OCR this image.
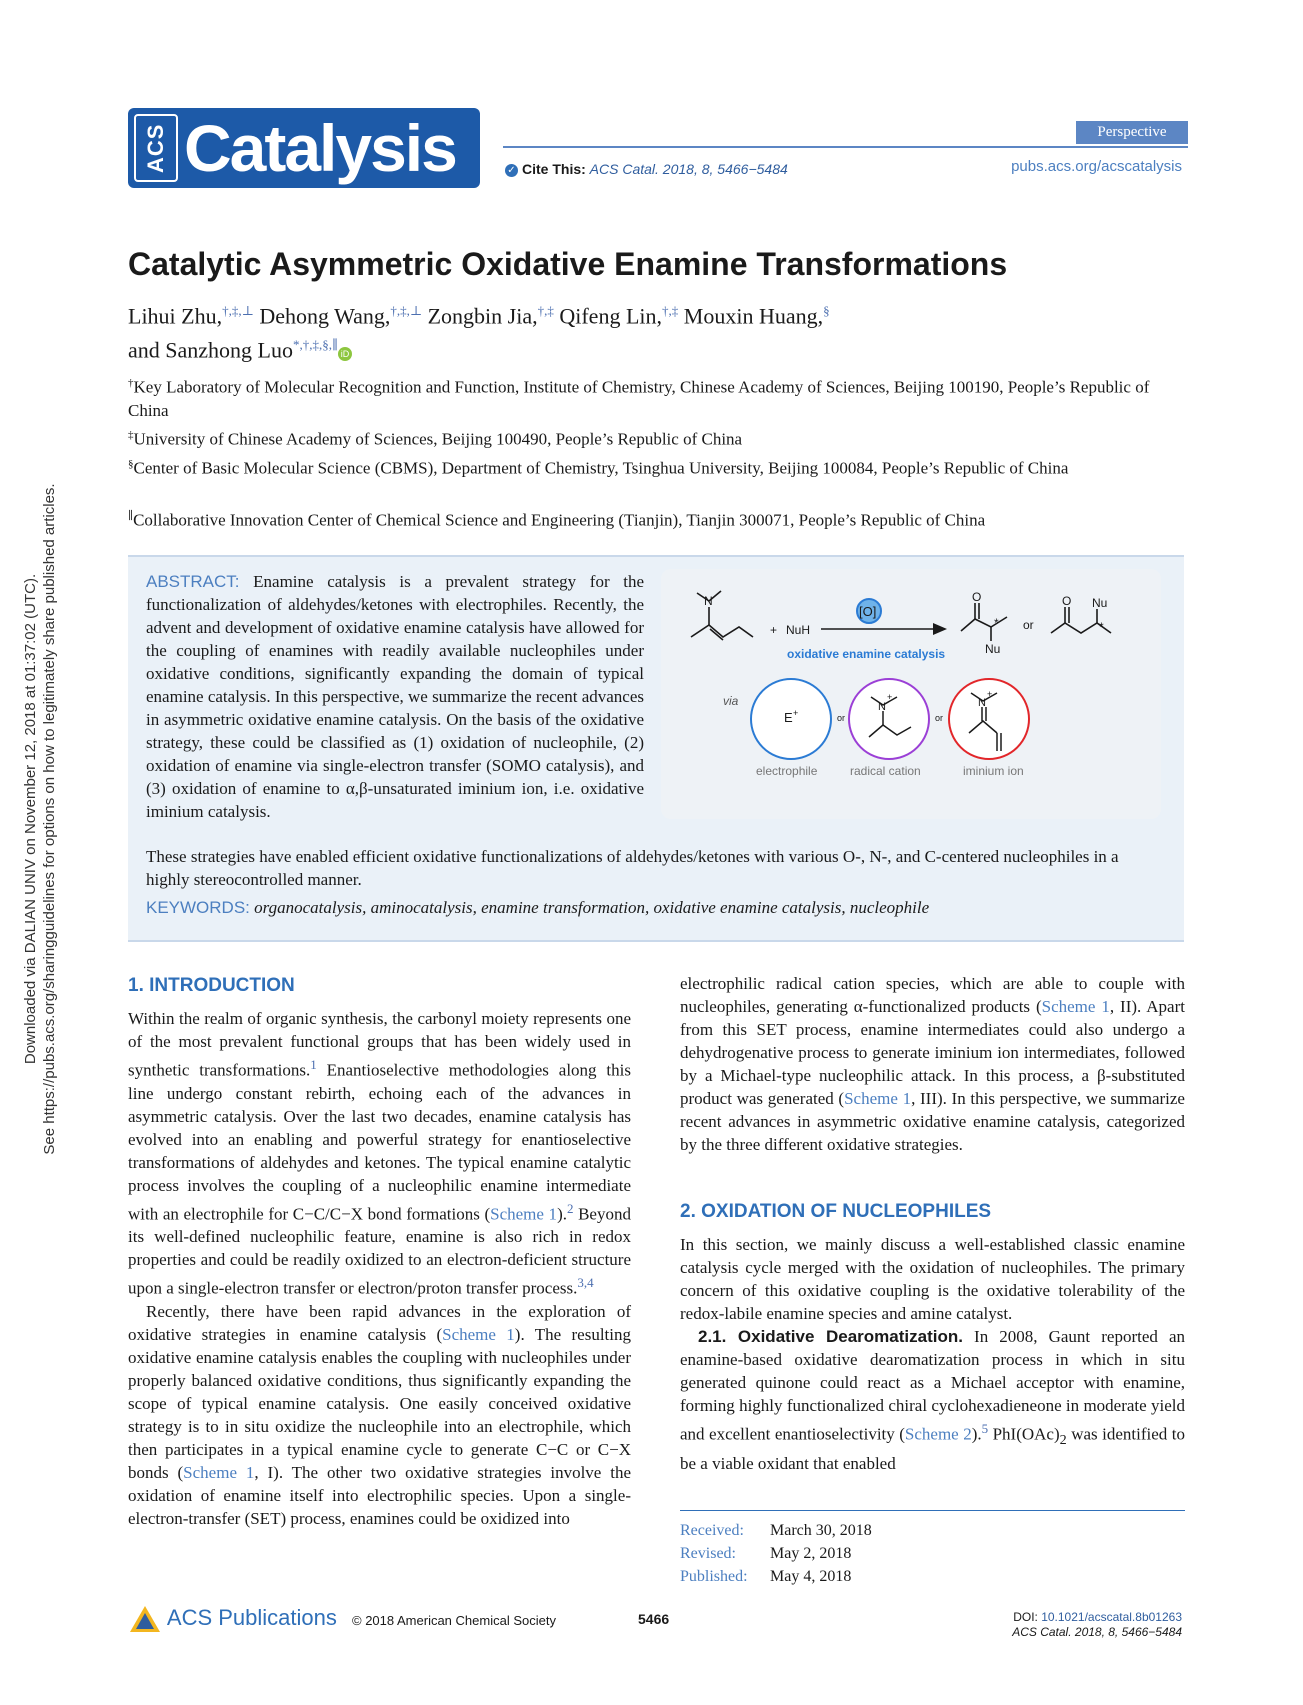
Downloaded via DALIAN UNIV on November 12, 2018 at 01:37:02 (UTC). See https://pubs.acs.org/sharingguidelines for options on how to legitimately share published articles.
ACS Catalysis	Perspective
✓ Cite This: ACS Catal. 2018, 8, 5466−5484	pubs.acs.org/acscatalysis
Catalytic Asymmetric Oxidative Enamine Transformations
Lihui Zhu,†,‡,⊥ Dehong Wang,†,‡,⊥ Zongbin Jia,†,‡ Qifeng Lin,†,‡ Mouxin Huang,§
and Sanzhong Luo*,†,‡,§,∥iD
†Key Laboratory of Molecular Recognition and Function, Institute of Chemistry, Chinese Academy of Sciences, Beijing 100190, People’s Republic of China
‡University of Chinese Academy of Sciences, Beijing 100490, People’s Republic of China
§Center of Basic Molecular Science (CBMS), Department of Chemistry, Tsinghua University, Beijing 100084, People’s Republic of China
∥Collaborative Innovation Center of Chemical Science and Engineering (Tianjin), Tianjin 300071, People’s Republic of China
ABSTRACT: Enamine catalysis is a prevalent strategy for the functionalization of aldehydes/ketones with electrophiles. Recently, the advent and development of oxidative enamine catalysis have allowed for the coupling of enamines with readily available nucleophiles under oxidative conditions, significantly expanding the domain of typical enamine catalysis. In this perspective, we summarize the recent advances in asymmetric oxidative enamine catalysis. On the basis of the oxidative strategy, these could be classified as (1) oxidation of nucleophile, (2) oxidation of enamine via single-electron transfer (SOMO catalysis), and (3) oxidation of enamine to α,β-unsaturated iminium ion, i.e. oxidative iminium catalysis.
These strategies have enabled efficient oxidative functionalizations of aldehydes/ketones with various O-, N-, and C-centered nucleophiles in a highly stereocontrolled manner.
KEYWORDS: organocatalysis, aminocatalysis, enamine transformation, oxidative enamine catalysis, nucleophile
N
+ NuH
[O]
oxidative enamine catalysis
O
*
Nu
or
O Nu
*
via
E +
electrophile
or
N
+
radical cation
or
N
+
iminium ion
1. INTRODUCTION

Within the realm of organic synthesis, the carbonyl moiety represents one of the most prevalent functional groups that has been widely used in synthetic transformations.$^1$ Enantioselective methodologies along this line undergo constant rebirth, echoing each of the advances in asymmetric catalysis. Over the last two decades, enamine catalysis has evolved into an enabling and powerful strategy for enantioselective transformations of aldehydes and ketones. The typical enamine catalytic process involves the coupling of a nucleophilic enamine intermediate with an electrophile for C−C/C−X bond formations (Scheme 1).$^2$ Beyond its well-defined nucleophilic feature, enamine is also rich in redox properties and could be readily oxidized to an electron-deficient structure upon a single-electron transfer or electron/proton transfer process.$^{3,4}$

Recently, there have been rapid advances in the exploration of oxidative strategies in enamine catalysis (Scheme 1). The resulting oxidative enamine catalysis enables the coupling with nucleophiles under properly balanced oxidative conditions, thus significantly expanding the scope of typical enamine catalysis. One easily conceived oxidative strategy is to in situ oxidize the nucleophile into an electrophile, which then participates in a typical enamine cycle to generate C−C or C−X bonds (Scheme 1, I). The other two oxidative strategies involve the oxidation of enamine itself into electrophilic species. Upon a single-electron-transfer (SET) process, enamines could be oxidized into

electrophilic radical cation species, which are able to couple with nucleophiles, generating α-functionalized products (Scheme 1, II). Apart from this SET process, enamine intermediates could also undergo a dehydrogenative process to generate iminium ion intermediates, followed by a Michael-type nucleophilic attack. In this process, a β-substituted product was generated (Scheme 1, III). In this perspective, we summarize recent advances in asymmetric oxidative enamine catalysis, categorized by the three different oxidative strategies.

2. OXIDATION OF NUCLEOPHILES

In this section, we mainly discuss a well-established classic enamine catalysis cycle merged with the oxidation of nucleophiles. The primary concern of this oxidative coupling is the oxidative tolerability of the redox-labile enamine species and amine catalyst.

2.1. Oxidative Dearomatization. In 2008, Gaunt reported an enamine-based oxidative dearomatization process in which in situ generated quinone could react as a Michael acceptor with enamine, forming highly functionalized chiral cyclohexadieneone in moderate yield and excellent enantioselectivity (Scheme 2).$^5$ $PhI(OAc)_2$ was identified to be a viable oxidant that enabled

Received: March 30, 2018
Revised: May 2, 2018
Published: May 4, 2018
ACS Publications © 2018 American Chemical Society	5466	DOI: 10.1021/acscatal.8b01263
ACS Catal. 2018, 8, 5466−5484
